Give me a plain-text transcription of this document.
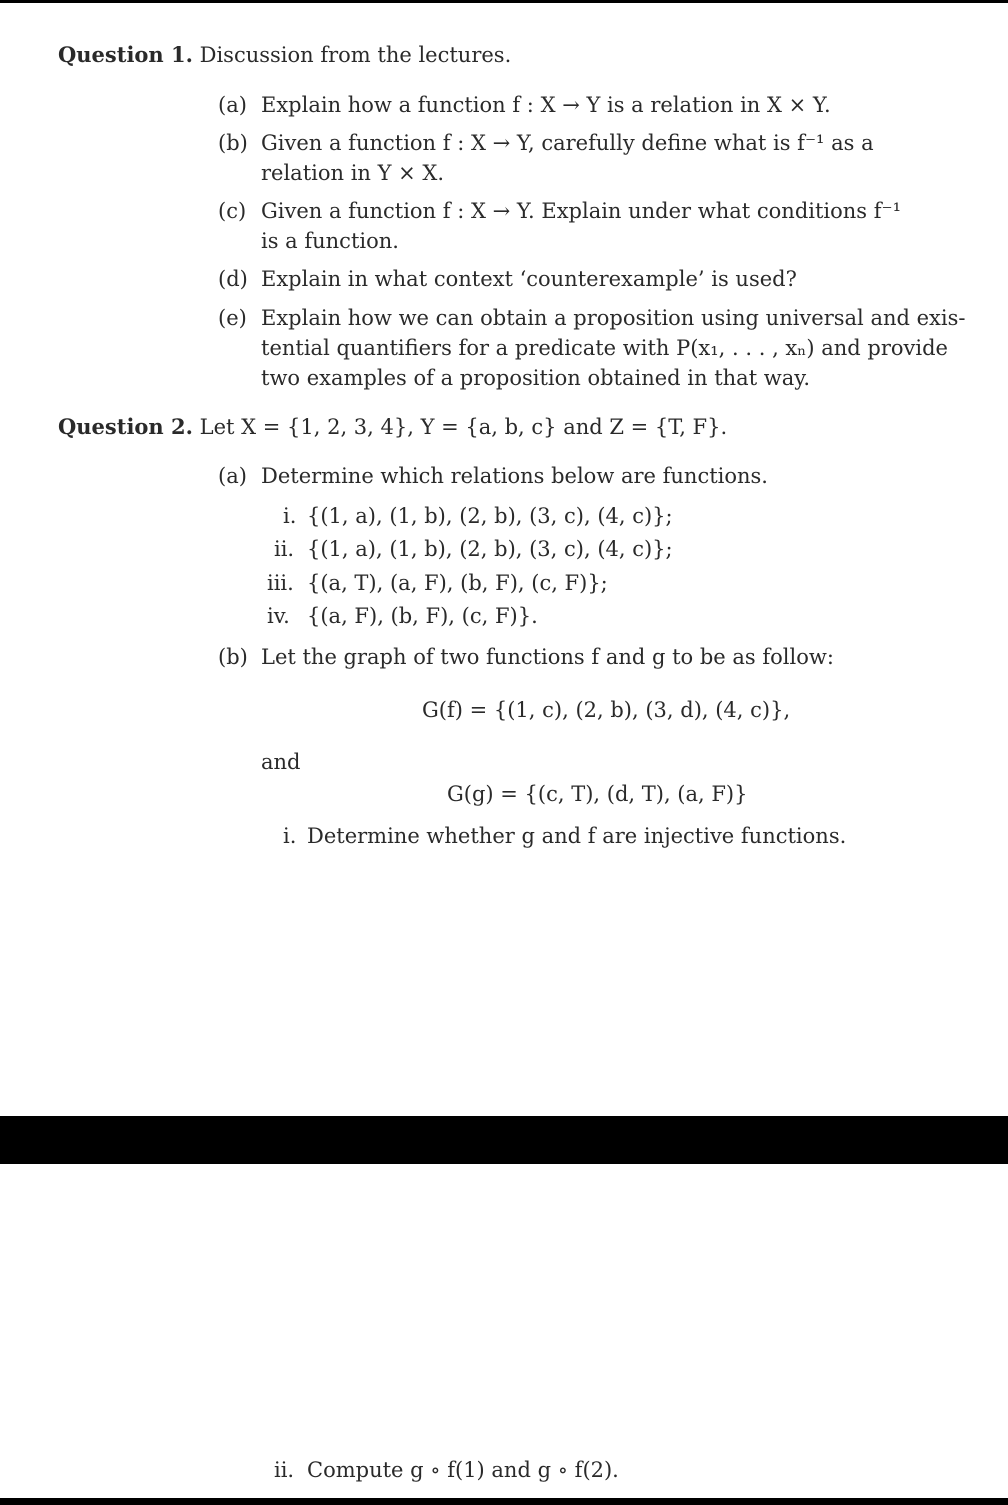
Question 1. Discussion from the lectures.
(a) Explain how a function f : X → Y is a relation in X × Y.
(b) Given a function f : X → Y, carefully define what is f⁻¹ as a
relation in Y × X.
(c) Given a function f : X → Y. Explain under what conditions f⁻¹
is a function.
(d) Explain in what context ‘counterexample’ is used?
(e) Explain how we can obtain a proposition using universal and exis-
tential quantifiers for a predicate with P(x₁, . . . , xₙ) and provide
two examples of a proposition obtained in that way.
Question 2. Let X = {1, 2, 3, 4}, Y = {a, b, c} and Z = {T, F}.
(a) Determine which relations below are functions.
i. {(1, a), (1, b), (2, b), (3, c), (4, c)};
ii. {(1, a), (1, b), (2, b), (3, c), (4, c)};
iii. {(a, T), (a, F), (b, F), (c, F)};
iv. {(a, F), (b, F), (c, F)}.
(b) Let the graph of two functions f and g to be as follow:
G(f) = {(1, c), (2, b), (3, d), (4, c)},
and
G(g) = {(c, T), (d, T), (a, F)}
i. Determine whether g and f are injective functions.
ii. Compute g ∘ f(1) and g ∘ f(2).
